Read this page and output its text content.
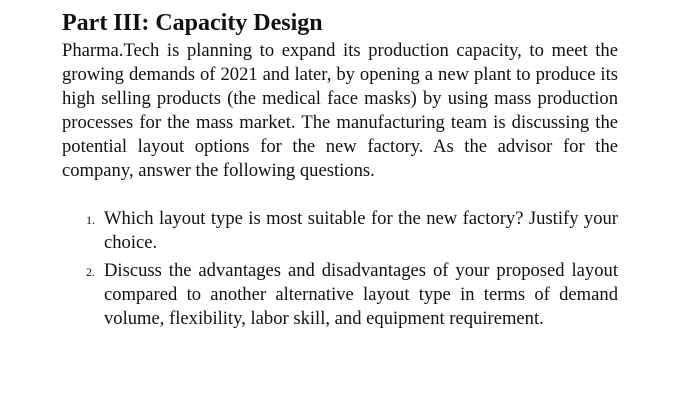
Part III: Capacity Design

Pharma.Tech is planning to expand its production capacity, to meet the growing demands of 2021 and later, by opening a new plant to produce its high selling products (the medical face masks) by using mass production processes for the mass market. The manufacturing team is discussing the potential layout options for the new factory. As the advisor for the company, answer the following questions.

1. Which layout type is most suitable for the new factory? Justify your choice.
2. Discuss the advantages and disadvantages of your proposed layout compared to another alternative layout type in terms of demand volume, flexibility, labor skill, and equipment requirement.
